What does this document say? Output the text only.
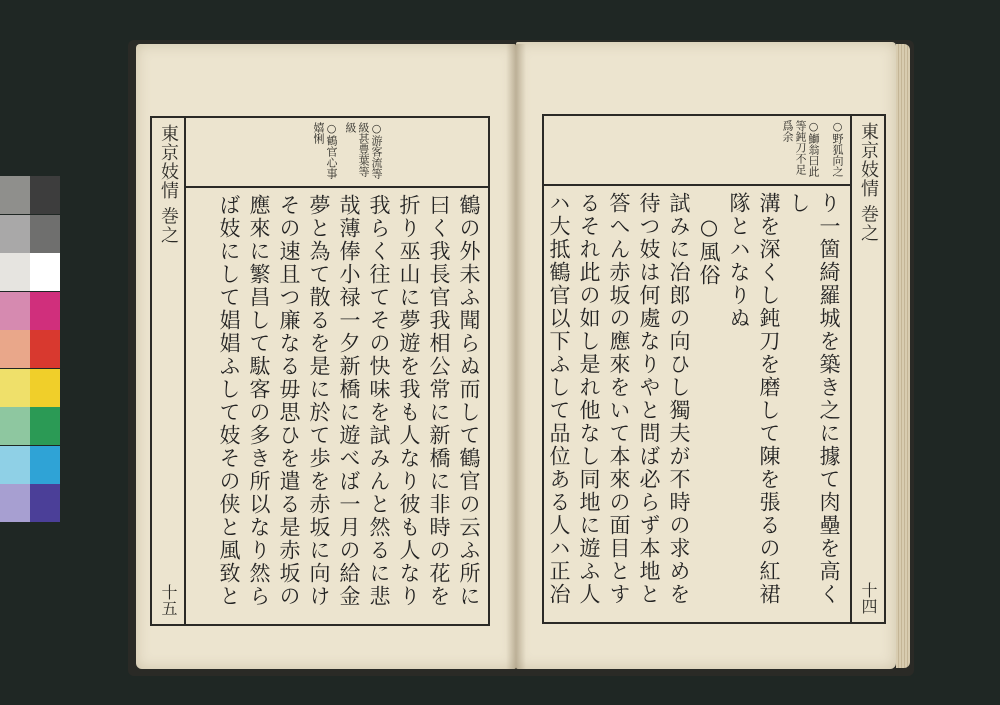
東京妓情 巻之
十五
○鶴官心事嬉悧	○游客流等級甚豊葉等級
鶴の外未ふ聞らぬ而して鶴官の云ふ所に
曰く我長官我相公常に新橋に非時の花を
折り巫山に夢遊を我も人なり彼も人なり
我らく往てその快味を試みんと然るに悲
哉薄俸小禄一夕新橋に遊べば一月の給金
夢と為て散るを是に於て歩を赤坂に向け
その速且つ廉なる毋思ひを遣る是赤坂の
應來に繁昌して駄客の多き所以なり然ら
ば妓にして娼娼ふして妓その侠と風致と
東京妓情 巻之
十四
○野狐向之
○鰤翁曰此等鈍刀不足爲余
り一箇綺羅城を築き之に據て肉壘を高くし
溝を深くし鈍刀を磨して陳を張るの紅裙
隊とハなりぬ
　○風俗
試みに冶郎の向ひし獨夫が不時の求めを
待つ妓は何處なりやと問ば必らず本地と
答へん赤坂の應來をいて本來の面目とす
るそれ此の如し是れ他なし同地に遊ふ人
ハ大抵鶴官以下ふして品位ある人ハ正冶
